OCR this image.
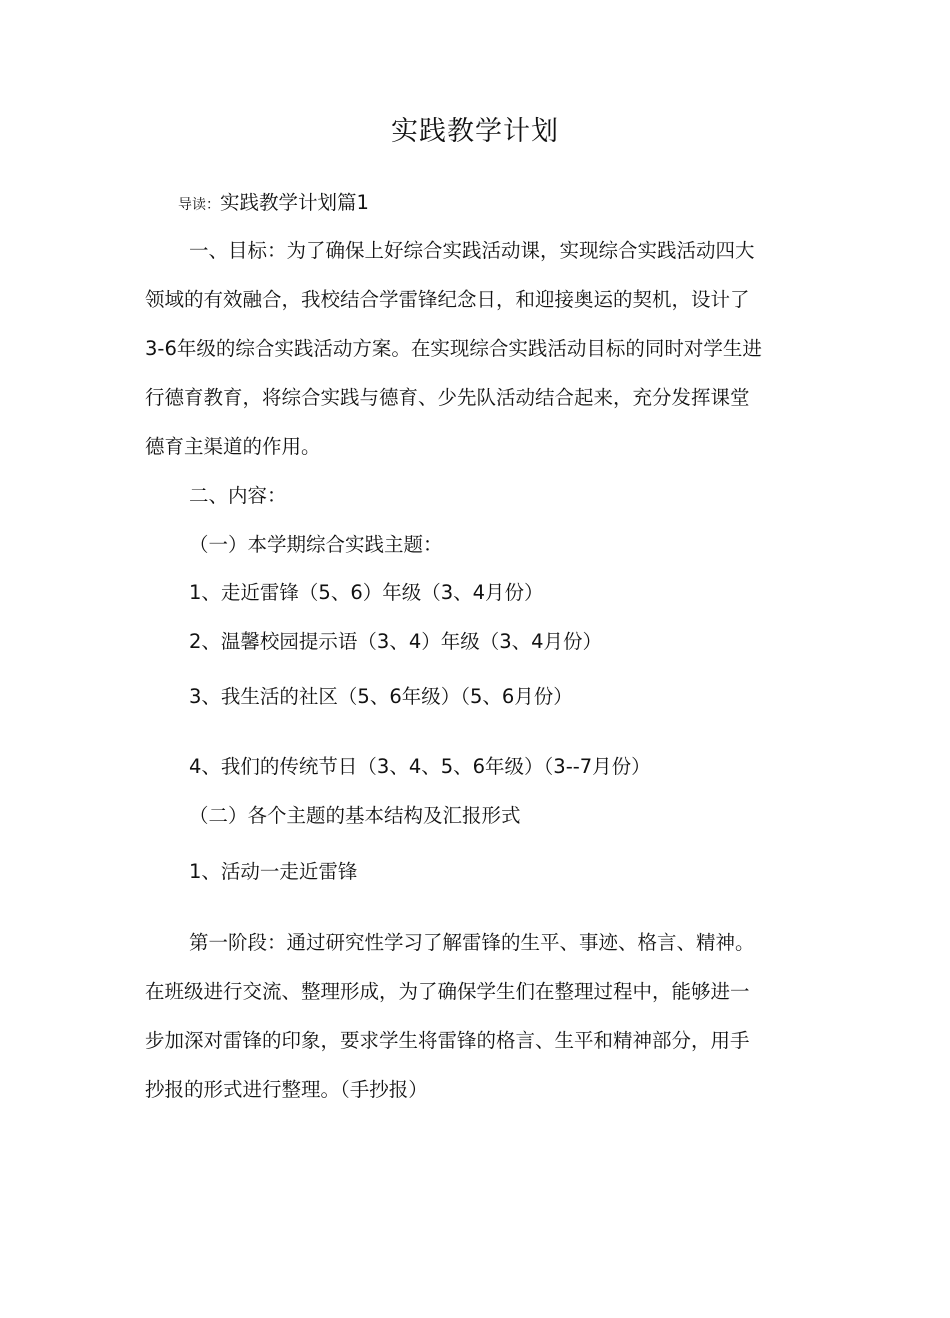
实践教学计划
导读：实践教学计划篇1
一、目标：为了确保上好综合实践活动课，实现综合实践活动四大
领域的有效融合，我校结合学雷锋纪念日，和迎接奥运的契机，设计了
3-6年级的综合实践活动方案。在实现综合实践活动目标的同时对学生进
行德育教育，将综合实践与德育、少先队活动结合起来，充分发挥课堂
德育主渠道的作用。
二、内容：
（一）本学期综合实践主题：
1、走近雷锋（5、6）年级（3、4月份）
2、温馨校园提示语（3、4）年级（3、4月份）
3、我生活的社区（5、6年级）（5、6月份）
4、我们的传统节日（3、4、5、6年级）（3--7月份）
（二）各个主题的基本结构及汇报形式
1、活动一走近雷锋
第一阶段：通过研究性学习了解雷锋的生平、事迹、格言、精神。
在班级进行交流、整理形成，为了确保学生们在整理过程中，能够进一
步加深对雷锋的印象，要求学生将雷锋的格言、生平和精神部分，用手
抄报的形式进行整理。（手抄报）
